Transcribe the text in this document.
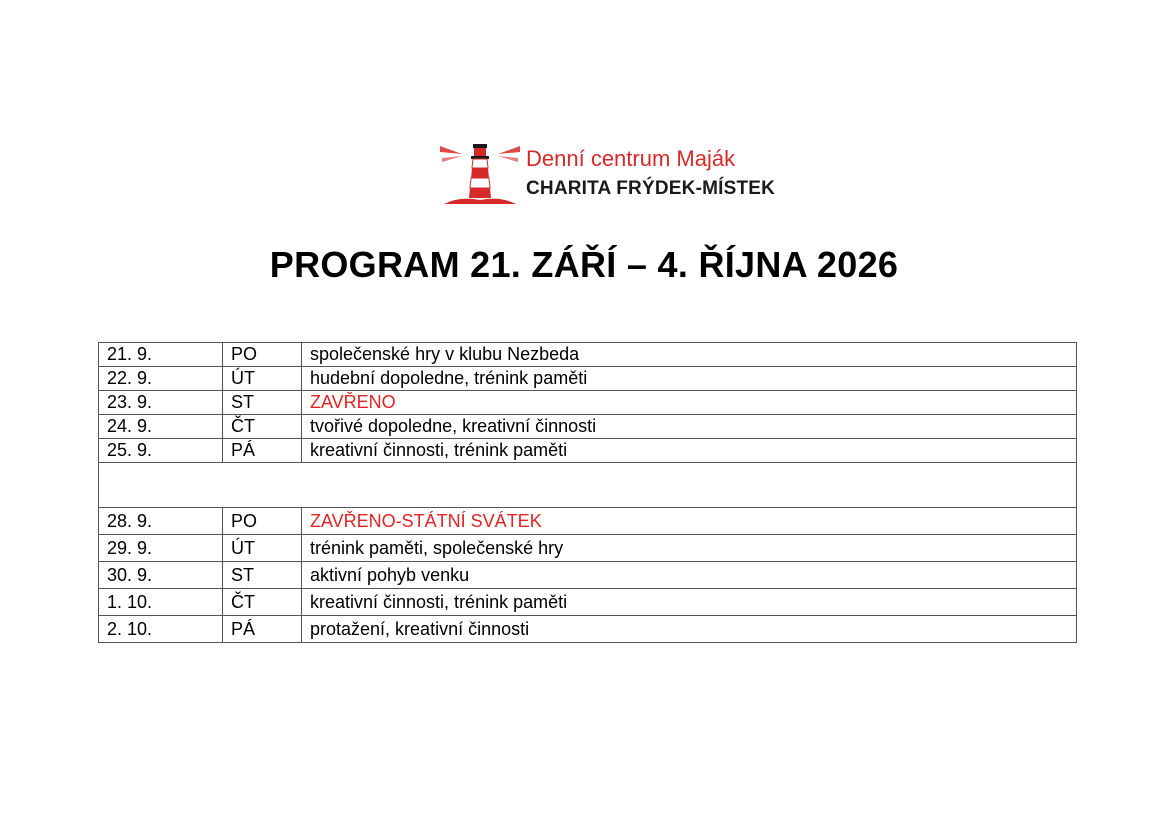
Denní centrum Maják
CHARITA FRÝDEK-MÍSTEK
PROGRAM 21. ZÁŘÍ – 4. ŘÍJNA 2026
21. 9.	PO	společenské hry v klubu Nezbeda
22. 9.	ÚT	hudební dopoledne, trénink paměti
23. 9.	ST	ZAVŘENO
24. 9.	ČT	tvořivé dopoledne, kreativní činnosti
25. 9.	PÁ	kreativní činnosti, trénink paměti

28. 9.	PO	ZAVŘENO-STÁTNÍ SVÁTEK
29. 9.	ÚT	trénink paměti, společenské hry
30. 9.	ST	aktivní pohyb venku
1. 10.	ČT	kreativní činnosti, trénink paměti
2. 10.	PÁ	protažení, kreativní činnosti
